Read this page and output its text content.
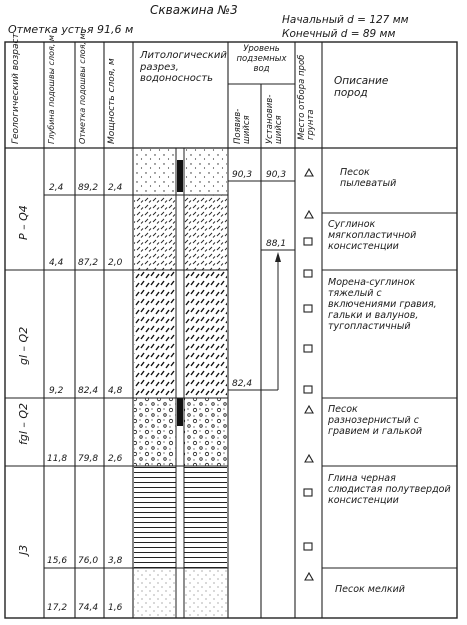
Скважина №3
Отметка устья 91,6 м
Начальный d = 127 мм
Конечный d = 89 мм
Геологический возраст	Глубина подошвы слоя, м	Отметка подошвы слоя, м Мощность слоя, м
Литологический разрез, водоносность
Уровень подземных вод
Появив-шийся Установив-шийся Место отбора проб грунта
Описание пород
Р – Q4
gl – Q2
fgl – Q2
J3
2,4 89,2 2,4
4,4 87,2 2,0
9,2 82,4 4,8
11,8 79,8 2,6
15,6 76,0 3,8
17,2 74,4 1,6
90,3 90,3
88,1
82,4
Песок пылеватый
Суглинок мягкопластичной консистенции
Морена-суглинок тяжелый с включениями гравия, гальки и валунов, тугопластичный
Песок разнозернистый с гравием и галькой
Глина черная слюдистая полутвердой консистенции
Песок мелкий
